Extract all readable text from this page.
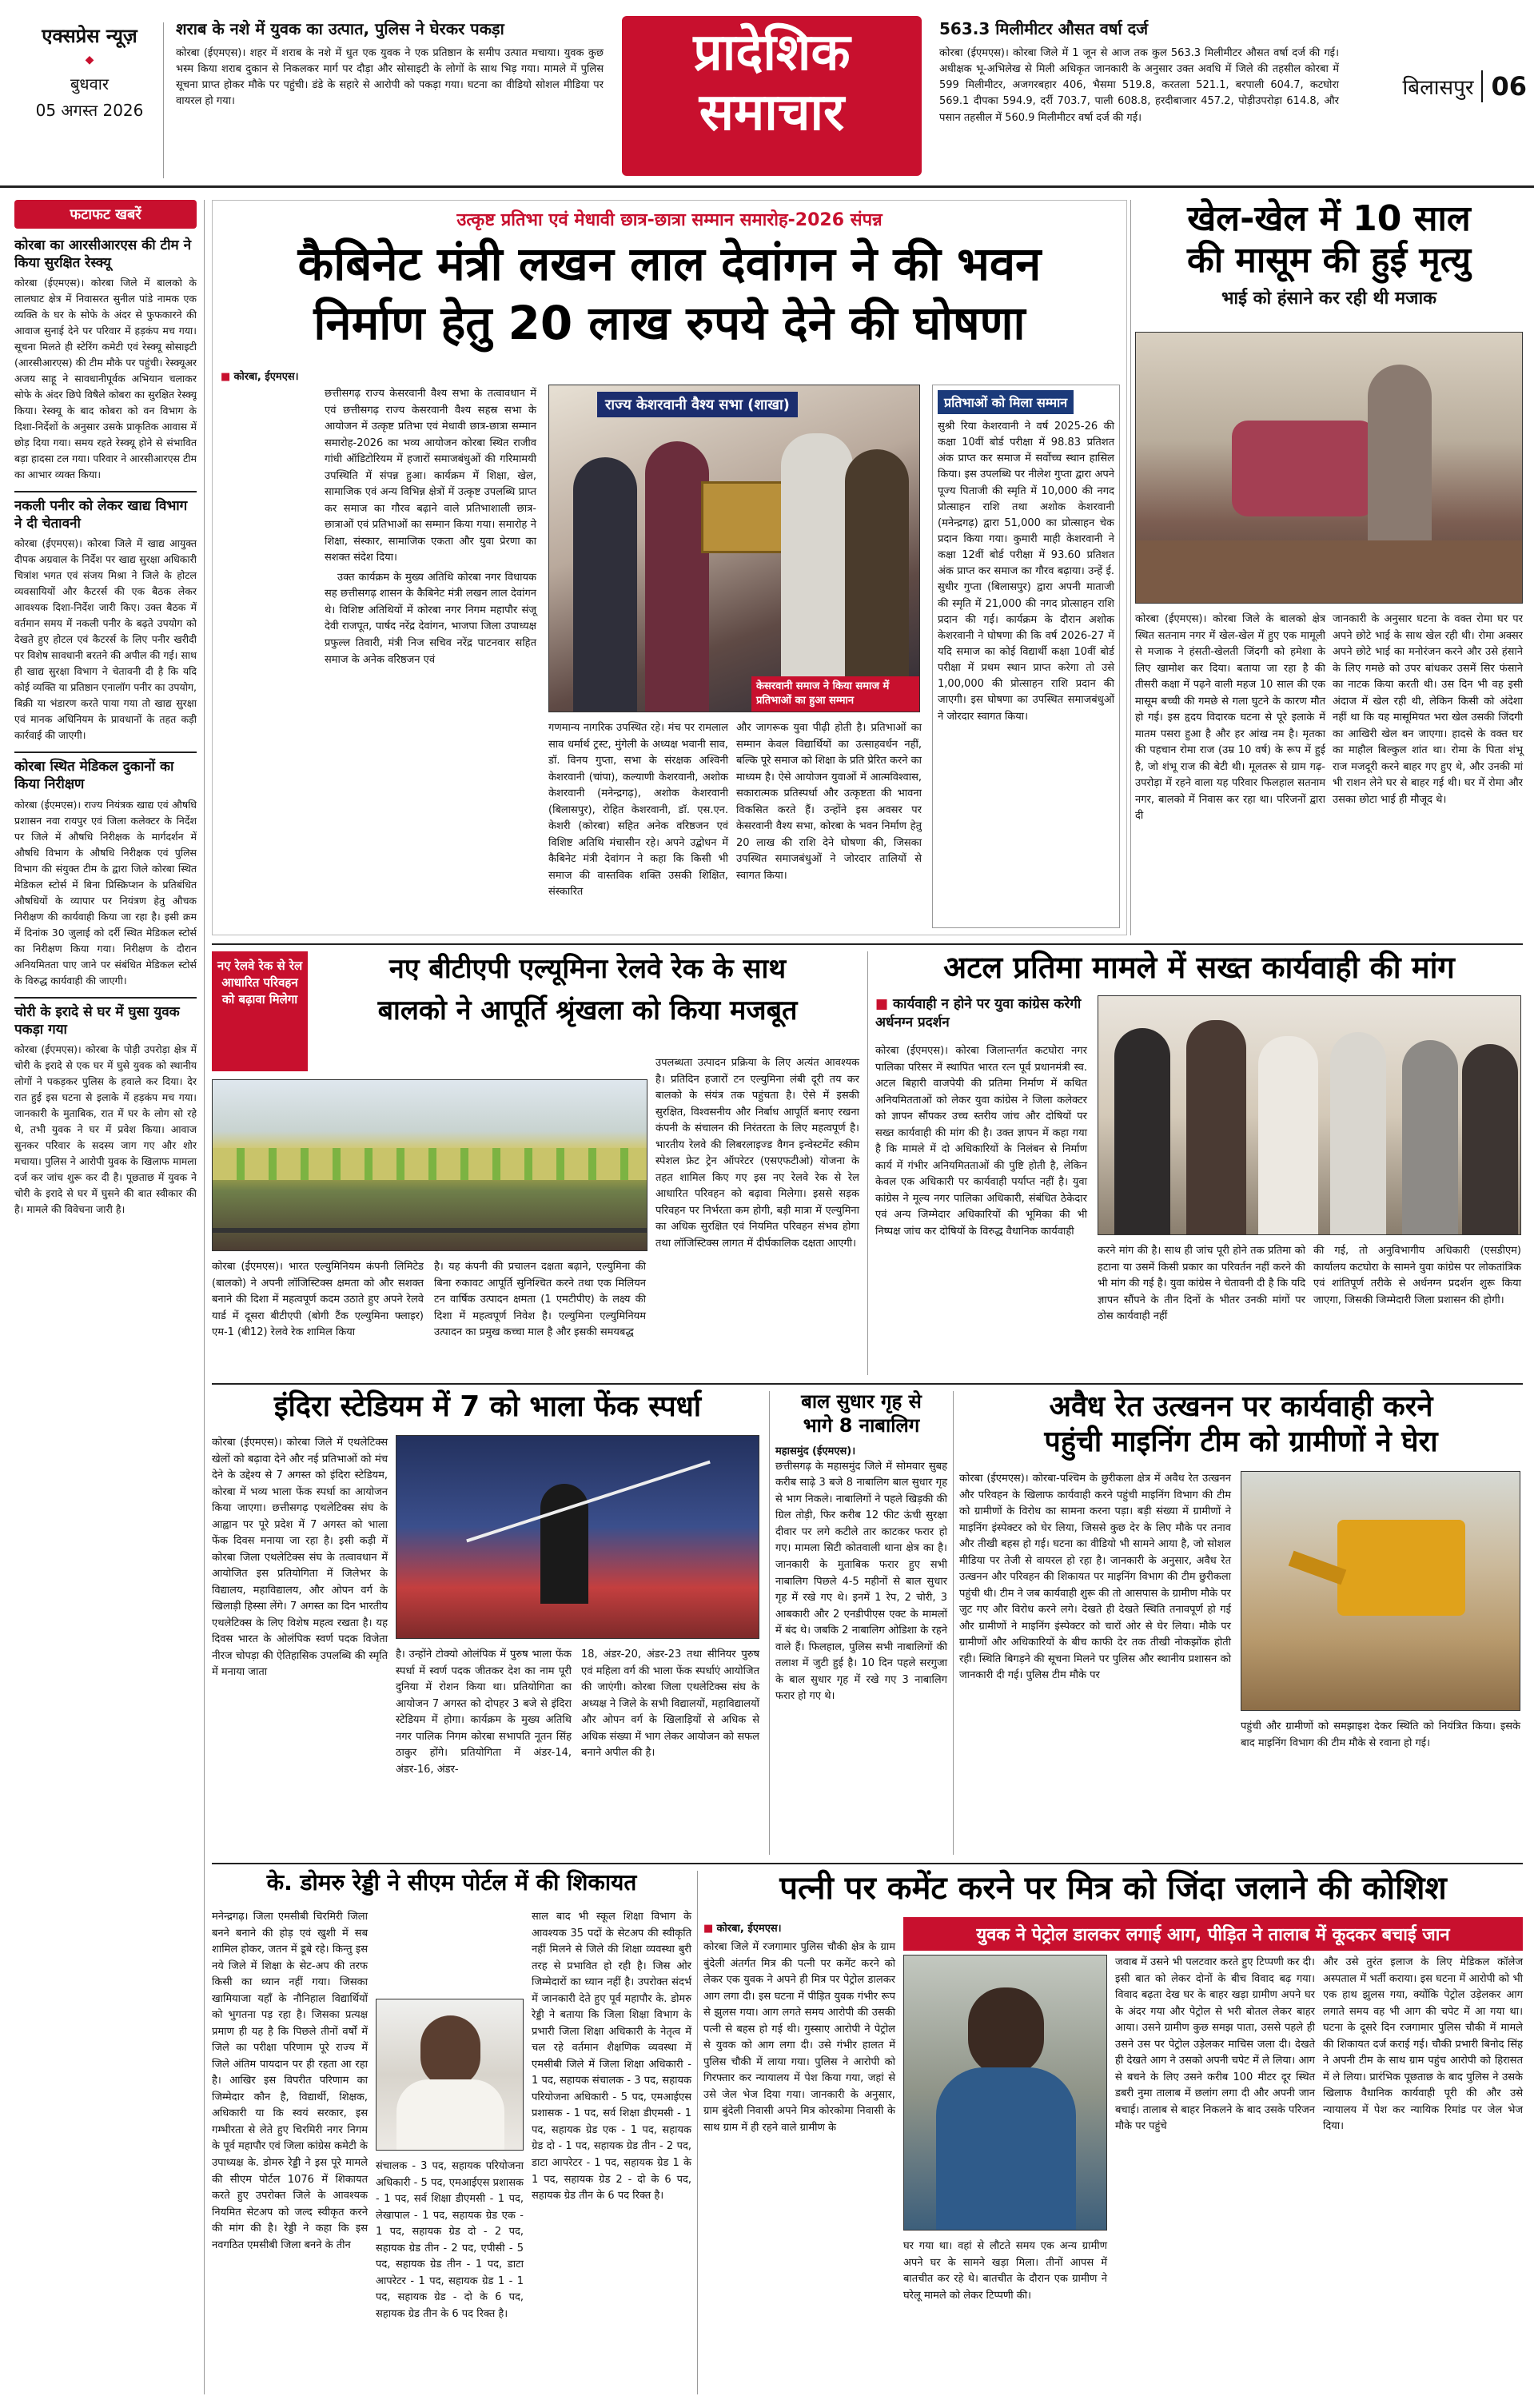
एक्सप्रेस न्यूज़
◆
बुधवार
05 अगस्त 2026
शराब के नशे में युवक का उत्पात, पुलिस ने घेरकर पकड़ा
कोरबा (ईएमएस)। शहर में शराब के नशे में धुत एक युवक ने एक प्रतिष्ठान के समीप उत्पात मचाया। युवक कुछ भस्म किया शराब दुकान से निकलकर मार्ग पर दौड़ा और सोसाइटी के लोगों के साथ भिड़ गया। मामले में पुलिस सूचना प्राप्त होकर मौके पर पहुंची। डंडे के सहारे से आरोपी को पकड़ा गया। घटना का वीडियो सोशल मीडिया पर वायरल हो गया।
प्रादेशिक
समाचार
563.3 मिलीमीटर औसत वर्षा दर्ज
कोरबा (ईएमएस)। कोरबा जिले में 1 जून से आज तक कुल 563.3 मिलीमीटर औसत वर्षा दर्ज की गई। अधीक्षक भू-अभिलेख से मिली अधिकृत जानकारी के अनुसार उक्त अवधि में जिले की तहसील कोरबा में 599 मिलीमीटर, अजगरबहार 406, भैसमा 519.8, करतला 521.1, बरपाली 604.7, कटघोरा 569.1 दीपका 594.9, दर्री 703.7, पाली 608.8, हरदीबाजार 457.2, पोड़ीउपरोड़ा 614.8, और पसान तहसील में 560.9 मिलीमीटर वर्षा दर्ज की गई।
बिलासपुर 06
फटाफट खबरें
कोरबा का आरसीआरएस की टीम ने किया सुरक्षित रेस्क्यू
कोरबा (ईएमएस)। कोरबा जिले में बालको के लालघाट क्षेत्र में निवासरत सुनील पांडे नामक एक व्यक्ति के घर के सोफे के अंदर से फुफकारने की आवाज सुनाई देने पर परिवार में हड़कंप मच गया। सूचना मिलते ही स्टेरिंग कमेटी एवं रेस्क्यू सोसाइटी (आरसीआरएस) की टीम मौके पर पहुंची। रेस्क्यूअर अजय साहू ने सावधानीपूर्वक अभियान चलाकर सोफे के अंदर छिपे विषैले कोबरा का सुरक्षित रेस्क्यू किया। रेस्क्यू के बाद कोबरा को वन विभाग के दिशा-निर्देशों के अनुसार उसके प्राकृतिक आवास में छोड़ दिया गया। समय रहते रेस्क्यू होने से संभावित बड़ा हादसा टल गया। परिवार ने आरसीआरएस टीम का आभार व्यक्त किया।
नकली पनीर को लेकर खाद्य विभाग ने दी चेतावनी
कोरबा (ईएमएस)। कोरबा जिले में खाद्य आयुक्त दीपक अग्रवाल के निर्देश पर खाद्य सुरक्षा अधिकारी चित्रांश भगत एवं संजय मिश्रा ने जिले के होटल व्यवसायियों और कैटरर्स की एक बैठक लेकर आवश्यक दिशा-निर्देश जारी किए। उक्त बैठक में वर्तमान समय में नकली पनीर के बढ़ते उपयोग को देखते हुए होटल एवं कैटरर्स के लिए पनीर खरीदी पर विशेष सावधानी बरतने की अपील की गई। साथ ही खाद्य सुरक्षा विभाग ने चेतावनी दी है कि यदि कोई व्यक्ति या प्रतिष्ठान एनालॉग पनीर का उपयोग, बिक्री या भंडारण करते पाया गया तो खाद्य सुरक्षा एवं मानक अधिनियम के प्रावधानों के तहत कड़ी कार्रवाई की जाएगी।
कोरबा स्थित मेडिकल दुकानों का किया निरीक्षण
कोरबा (ईएमएस)। राज्य नियंत्रक खाद्य एवं औषधि प्रशासन नवा रायपुर एवं जिला कलेक्टर के निर्देश पर जिले में औषधि निरीक्षक के मार्गदर्शन में औषधि विभाग के औषधि निरीक्षक एवं पुलिस विभाग की संयुक्त टीम के द्वारा जिले कोरबा स्थित मेडिकल स्टोर्स में बिना प्रिस्क्रिप्शन के प्रतिबंधित औषधियों के व्यापार पर नियंत्रण हेतु औचक निरीक्षण की कार्यवाही किया जा रहा है। इसी क्रम में दिनांक 30 जुलाई को दर्री स्थित मेडिकल स्टोर्स का निरीक्षण किया गया। निरीक्षण के दौरान अनियमितता पाए जाने पर संबंधित मेडिकल स्टोर्स के विरुद्ध कार्यवाही की जाएगी।
चोरी के इरादे से घर में घुसा युवक पकड़ा गया
कोरबा (ईएमएस)। कोरबा के पोड़ी उपरोड़ा क्षेत्र में चोरी के इरादे से एक घर में घुसे युवक को स्थानीय लोगों ने पकड़कर पुलिस के हवाले कर दिया। देर रात हुई इस घटना से इलाके में हड़कंप मच गया। जानकारी के मुताबिक, रात में घर के लोग सो रहे थे, तभी युवक ने घर में प्रवेश किया। आवाज सुनकर परिवार के सदस्य जाग गए और शोर मचाया। पुलिस ने आरोपी युवक के खिलाफ मामला दर्ज कर जांच शुरू कर दी है। पूछताछ में युवक ने चोरी के इरादे से घर में घुसने की बात स्वीकार की है। मामले की विवेचना जारी है।
उत्कृष्ट प्रतिभा एवं मेधावी छात्र-छात्रा सम्मान समारोह-2026 संपन्न
कैबिनेट मंत्री लखन लाल देवांगन ने की भवन
निर्माण हेतु 20 लाख रुपये देने की घोषणा
■ कोरबा, ईएमएस।
छत्तीसगढ़ राज्य केसरवानी वैश्य सभा के तत्वावधान में एवं छत्तीसगढ़ राज्य केसरवानी वैश्य सहस्र सभा के आयोजन में उत्कृष्ट प्रतिभा एवं मेधावी छात्र-छात्रा सम्मान समारोह-2026 का भव्य आयोजन कोरबा स्थित राजीव गांधी ऑडिटोरियम में हजारों समाजबंधुओं की गरिमामयी उपस्थिति में संपन्न हुआ। कार्यक्रम में शिक्षा, खेल, सामाजिक एवं अन्य विभिन्न क्षेत्रों में उत्कृष्ट उपलब्धि प्राप्त कर समाज का गौरव बढ़ाने वाले प्रतिभाशाली छात्र-छात्राओं एवं प्रतिभाओं का सम्मान किया गया। समारोह ने शिक्षा, संस्कार, सामाजिक एकता और युवा प्रेरणा का सशक्त संदेश दिया।
उक्त कार्यक्रम के मुख्य अतिथि कोरबा नगर विधायक सह छत्तीसगढ़ शासन के कैबिनेट मंत्री लखन लाल देवांगन थे। विशिष्ट अतिथियों में कोरबा नगर निगम महापौर संजू देवी राजपूत, पार्षद नरेंद्र देवांगन, भाजपा जिला उपाध्यक्ष प्रफुल्ल तिवारी, मंत्री निज सचिव नरेंद्र पाटनवार सहित समाज के अनेक वरिष्ठजन एवं
राज्य केशरवानी वैश्य सभा (शाखा)
केसरवानी समाज ने किया समाज में प्रतिभाओं का हुआ सम्मान
गणमान्य नागरिक उपस्थित रहे। मंच पर रामलाल साव धर्मार्थ ट्रस्ट, मुंगेली के अध्यक्ष भवानी साव, डॉ. विनय गुप्ता, सभा के संरक्षक अश्विनी केशरवानी (चांपा), कल्याणी केशरवानी, अशोक केशरवानी (मनेन्द्रगढ़), अशोक केशरवानी (बिलासपुर), रोहित केशरवानी, डॉ. एस.एन. केशरी (कोरबा) सहित अनेक वरिष्ठजन एवं विशिष्ट अतिथि मंचासीन रहे। अपने उद्बोधन में कैबिनेट मंत्री देवांगन ने कहा कि किसी भी समाज की वास्तविक शक्ति उसकी शिक्षित, संस्कारित
और जागरूक युवा पीढ़ी होती है। प्रतिभाओं का सम्मान केवल विद्यार्थियों का उत्साहवर्धन नहीं, बल्कि पूरे समाज को शिक्षा के प्रति प्रेरित करने का माध्यम है। ऐसे आयोजन युवाओं में आत्मविश्वास, सकारात्मक प्रतिस्पर्धा और उत्कृष्टता की भावना विकसित करते हैं। उन्होंने इस अवसर पर केसरवानी वैश्य सभा, कोरबा के भवन निर्माण हेतु 20 लाख की राशि देने घोषणा की, जिसका उपस्थित समाजबंधुओं ने जोरदार तालियों से स्वागत किया।
प्रतिभाओं को मिला सम्मान
सुश्री रिया केशरवानी ने वर्ष 2025-26 की कक्षा 10वीं बोर्ड परीक्षा में 98.83 प्रतिशत अंक प्राप्त कर समाज में सर्वोच्च स्थान हासिल किया। इस उपलब्धि पर नीलेश गुप्ता द्वारा अपने पूज्य पिताजी की स्मृति में 10,000 की नगद प्रोत्साहन राशि तथा अशोक केशरवानी (मनेन्द्रगढ़) द्वारा 51,000 का प्रोत्साहन चेक प्रदान किया गया। कुमारी माही केशरवानी ने कक्षा 12वीं बोर्ड परीक्षा में 93.60 प्रतिशत अंक प्राप्त कर समाज का गौरव बढ़ाया। उन्हें ई. सुधीर गुप्ता (बिलासपुर) द्वारा अपनी माताजी की स्मृति में 21,000 की नगद प्रोत्साहन राशि प्रदान की गई। कार्यक्रम के दौरान अशोक केशरवानी ने घोषणा की कि वर्ष 2026-27 में यदि समाज का कोई विद्यार्थी कक्षा 10वीं बोर्ड परीक्षा में प्रथम स्थान प्राप्त करेगा तो उसे 1,00,000 की प्रोत्साहन राशि प्रदान की जाएगी। इस घोषणा का उपस्थित समाजबंधुओं ने जोरदार स्वागत किया।
खेल-खेल में 10 साल
की मासूम की हुई मृत्यु
भाई को हंसाने कर रही थी मजाक
कोरबा (ईएमएस)। कोरबा जिले के बालको क्षेत्र स्थित सतनाम नगर में खेल-खेल में हुए एक मामूली से मजाक ने हंसती-खेलती जिंदगी को हमेशा के लिए खामोश कर दिया। बताया जा रहा है की तीसरी कक्षा में पढ़ने वाली महज 10 साल की एक मासूम बच्ची की गमछे से गला घुटने के कारण मौत हो गई। इस हृदय विदारक घटना से पूरे इलाके में मातम पसरा हुआ है और हर आंख नम है। मृतका की पहचान रोमा राज (उम्र 10 वर्ष) के रूप में हुई है, जो शंभू राज की बेटी थी। मूलतरू से ग्राम गढ़-उपरोड़ा में रहने वाला यह परिवार फिलहाल सतनाम नगर, बालको में निवास कर रहा था। परिजनों द्वारा दी
जानकारी के अनुसार घटना के वक्त रोमा घर पर अपने छोटे भाई के साथ खेल रही थी। रोमा अक्सर अपने छोटे भाई का मनोरंजन करने और उसे हंसाने के लिए गमछे को उपर बांधकर उसमें सिर फंसाने का नाटक किया करती थी। उस दिन भी वह इसी अंदाज में खेल रही थी, लेकिन किसी को अंदेशा नहीं था कि यह मासूमियत भरा खेल उसकी जिंदगी का आखिरी खेल बन जाएगा। हादसे के वक्त घर का माहौल बिल्कुल शांत था। रोमा के पिता शंभू राज मजदूरी करने बाहर गए हुए थे, और उनकी मां भी राशन लेने घर से बाहर गई थी। घर में रोमा और उसका छोटा भाई ही मौजूद थे।
नए रेलवे रेक से रेल आधारित परिवहन को बढ़ावा मिलेगा
नए बीटीएपी एल्यूमिना रेलवे रेक के साथ
बालको ने आपूर्ति श्रृंखला को किया मजबूत
कोरबा (ईएमएस)। भारत एल्युमिनियम कंपनी लिमिटेड (बालको) ने अपनी लॉजिस्टिक्स क्षमता को और सशक्त बनाने की दिशा में महत्वपूर्ण कदम उठाते हुए अपने रेलवे यार्ड में दूसरा बीटीएपी (बोगी टैंक एल्युमिना फ्लाइर) एम-1 (बी12) रेलवे रेक शामिल किया
है। यह कंपनी की प्रचालन दक्षता बढ़ाने, एल्युमिना की बिना रुकावट आपूर्ति सुनिश्चित करने तथा एक मिलियन टन वार्षिक उत्पादन क्षमता (1 एमटीपीए) के लक्ष्य की दिशा में महत्वपूर्ण निवेश है। एल्युमिना एल्युमिनियम उत्पादन का प्रमुख कच्चा माल है और इसकी समयबद्ध
उपलब्धता उत्पादन प्रक्रिया के लिए अत्यंत आवश्यक है। प्रतिदिन हजारों टन एल्युमिना लंबी दूरी तय कर बालको के संयंत्र तक पहुंचता है। ऐसे में इसकी सुरक्षित, विश्वसनीय और निर्बाध आपूर्ति बनाए रखना कंपनी के संचालन की निरंतरता के लिए महत्वपूर्ण है। भारतीय रेलवे की लिबरलाइज्ड वैगन इन्वेस्टमेंट स्कीम स्पेशल फ्रेट ट्रेन ऑपरेटर (एसएफटीओ) योजना के तहत शामिल किए गए इस नए रेलवे रेक से रेल आधारित परिवहन को बढ़ावा मिलेगा। इससे सड़क परिवहन पर निर्भरता कम होगी, बड़ी मात्रा में एल्युमिना का अधिक सुरक्षित एवं नियमित परिवहन संभव होगा तथा लॉजिस्टिक्स लागत में दीर्घकालिक दक्षता आएगी।
अटल प्रतिमा मामले में सख्त कार्यवाही की मांग
■ कार्यवाही न होने पर युवा कांग्रेस करेगी अर्धनग्न प्रदर्शन
कोरबा (ईएमएस)। कोरबा जिलान्तर्गत कटघोरा नगर पालिका परिसर में स्थापित भारत रत्न पूर्व प्रधानमंत्री स्व. अटल बिहारी वाजपेयी की प्रतिमा निर्माण में कथित अनियमितताओं को लेकर युवा कांग्रेस ने जिला कलेक्टर को ज्ञापन सौंपकर उच्च स्तरीय जांच और दोषियों पर सख्त कार्यवाही की मांग की है। उक्त ज्ञापन में कहा गया है कि मामले में दो अधिकारियों के निलंबन से निर्माण कार्य में गंभीर अनियमितताओं की पुष्टि होती है, लेकिन केवल एक अधिकारी पर कार्यवाही पर्याप्त नहीं है। युवा कांग्रेस ने मूल्य नगर पालिका अधिकारी, संबंधित ठेकेदार एवं अन्य जिम्मेदार अधिकारियों की भूमिका की भी निष्पक्ष जांच कर दोषियों के विरुद्ध वैधानिक कार्यवाही
करने मांग की है। साथ ही जांच पूरी होने तक प्रतिमा को हटाना या उसमें किसी प्रकार का परिवर्तन नहीं करने की भी मांग की गई है। युवा कांग्रेस ने चेतावनी दी है कि यदि ज्ञापन सौंपने के तीन दिनों के भीतर उनकी मांगों पर ठोस कार्यवाही नहीं
की गई, तो अनुविभागीय अधिकारी (एसडीएम) कार्यालय कटघोरा के सामने युवा कांग्रेस पर लोकतांत्रिक एवं शांतिपूर्ण तरीके से अर्धनग्न प्रदर्शन शुरू किया जाएगा, जिसकी जिम्मेदारी जिला प्रशासन की होगी।
इंदिरा स्टेडियम में 7 को भाला फेंक स्पर्धा
कोरबा (ईएमएस)। कोरबा जिले में एथलेटिक्स खेलों को बढ़ावा देने और नई प्रतिभाओं को मंच देने के उद्देश्य से 7 अगस्त को इंदिरा स्टेडियम, कोरबा में भव्य भाला फेंक स्पर्धा का आयोजन किया जाएगा। छत्तीसगढ़ एथलेटिक्स संघ के आह्वान पर पूरे प्रदेश में 7 अगस्त को भाला फेंक दिवस मनाया जा रहा है। इसी कड़ी में कोरबा जिला एथलेटिक्स संघ के तत्वावधान में आयोजित इस प्रतियोगिता में जिलेभर के विद्यालय, महाविद्यालय, और ओपन वर्ग के खिलाड़ी हिस्सा लेंगे। 7 अगस्त का दिन भारतीय एथलेटिक्स के लिए विशेष महत्व रखता है। यह दिवस भारत के ओलंपिक स्वर्ण पदक विजेता नीरज चोपड़ा की ऐतिहासिक उपलब्धि की स्मृति में मनाया जाता
है। उन्होंने टोक्यो ओलंपिक में पुरुष भाला फेंक स्पर्धा में स्वर्ण पदक जीतकर देश का नाम पूरी दुनिया में रोशन किया था। प्रतियोगिता का आयोजन 7 अगस्त को दोपहर 3 बजे से इंदिरा स्टेडियम में होगा। कार्यक्रम के मुख्य अतिथि नगर पालिक निगम कोरबा सभापति नूतन सिंह ठाकुर होंगे। प्रतियोगिता में अंडर-14, अंडर-16, अंडर-
18, अंडर-20, अंडर-23 तथा सीनियर पुरुष एवं महिला वर्ग की भाला फेंक स्पर्धाएं आयोजित की जाएंगी। कोरबा जिला एथलेटिक्स संघ के अध्यक्ष ने जिले के सभी विद्यालयों, महाविद्यालयों और ओपन वर्ग के खिलाड़ियों से अधिक से अधिक संख्या में भाग लेकर आयोजन को सफल बनाने अपील की है।
बाल सुधार गृह से
भागे 8 नाबालिग
महासमुंद (ईएमएस)।
छत्तीसगढ़ के महासमुंद जिले में सोमवार सुबह करीब साढ़े 3 बजे 8 नाबालिग बाल सुधार गृह से भाग निकले। नाबालिगों ने पहले खिड़की की ग्रिल तोड़ी, फिर करीब 12 फीट ऊंची सुरक्षा दीवार पर लगे कटीले तार काटकर फरार हो गए। मामला सिटी कोतवाली थाना क्षेत्र का है। जानकारी के मुताबिक फरार हुए सभी नाबालिग पिछले 4-5 महीनों से बाल सुधार गृह में रखे गए थे। इनमें 1 रेप, 2 चोरी, 3 आबकारी और 2 एनडीपीएस एक्ट के मामलों में बंद थे। जबकि 2 नाबालिग ओडिशा के रहने वाले हैं। फिलहाल, पुलिस सभी नाबालिगों की तलाश में जुटी हुई है। 10 दिन पहले सरगुजा के बाल सुधार गृह में रखे गए 3 नाबालिग फरार हो गए थे।
अवैध रेत उत्खनन पर कार्यवाही करने
पहुंची माइनिंग टीम को ग्रामीणों ने घेरा
कोरबा (ईएमएस)। कोरबा-पश्चिम के छुरीकला क्षेत्र में अवैध रेत उत्खनन और परिवहन के खिलाफ कार्यवाही करने पहुंची माइनिंग विभाग की टीम को ग्रामीणों के विरोध का सामना करना पड़ा। बड़ी संख्या में ग्रामीणों ने माइनिंग इंस्पेक्टर को घेर लिया, जिससे कुछ देर के लिए मौके पर तनाव और तीखी बहस हो गई। घटना का वीडियो भी सामने आया है, जो सोशल मीडिया पर तेजी से वायरल हो रहा है। जानकारी के अनुसार, अवैध रेत उत्खनन और परिवहन की शिकायत पर माइनिंग विभाग की टीम छुरीकला पहुंची थी। टीम ने जब कार्यवाही शुरू की तो आसपास के ग्रामीण मौके पर जुट गए और विरोध करने लगे। देखते ही देखते स्थिति तनावपूर्ण हो गई और ग्रामीणों ने माइनिंग इंस्पेक्टर को चारों ओर से घेर लिया। मौके पर ग्रामीणों और अधिकारियों के बीच काफी देर तक तीखी नोकझोंक होती रही। स्थिति बिगड़ने की सूचना मिलने पर पुलिस और स्थानीय प्रशासन को जानकारी दी गई। पुलिस टीम मौके पर
पहुंची और ग्रामीणों को समझाइश देकर स्थिति को नियंत्रित किया। इसके बाद माइनिंग विभाग की टीम मौके से रवाना हो गई।
के. डोमरु रेड्डी ने सीएम पोर्टल में की शिकायत
मनेन्द्रगढ़। जिला एमसीबी चिरमिरी जिला बनने बनाने की होड़ एवं खुशी में सब शामिल होकर, जतन में डूबे रहे। किन्तु इस नये जिले में शिक्षा के सेट-अप की तरफ किसी का ध्यान नहीं गया। जिसका खामियाजा यहाँ के नौनिहाल विद्यार्थियों को भुगतना पड़ रहा है। जिसका प्रत्यक्ष प्रमाण ही यह है कि पिछले तीनों वर्षों में जिले का परीक्षा परिणाम पूरे राज्य में जिले अंतिम पायदान पर ही रहता आ रहा है। आखिर इस विपरीत परिणाम का जिम्मेदार कौन है, विद्यार्थी, शिक्षक, अधिकारी या कि स्वयं सरकार, इस गम्भीरता से लेते हुए चिरमिरी नगर निगम के पूर्व महापौर एवं जिला कांग्रेस कमेटी के उपाध्यक्ष के. डोमरु रेड्डी ने इस पूरे मामले की सीएम पोर्टल 1076 में शिकायत करते हुए उपरोक्त जिले के आवश्यक नियमित सेटअप को जल्द स्वीकृत करने की मांग की है। रेड्डी ने कहा कि इस नवगठित एमसीबी जिला बनने के तीन
साल बाद भी स्कूल शिक्षा विभाग के आवश्यक 35 पदों के सेटअप की स्वीकृति नहीं मिलने से जिले की शिक्षा व्यवस्था बुरी तरह से प्रभावित हो रही है। जिस ओर जिम्मेदारों का ध्यान नहीं है। उपरोक्त संदर्भ में जानकारी देते हुए पूर्व महापौर के. डोमरु रेड्डी ने बताया कि जिला शिक्षा विभाग के प्रभारी जिला शिक्षा अधिकारी के नेतृत्व में चल रहे वर्तमान शैक्षणिक व्यवस्था में एमसीबी जिले में जिला शिक्षा अधिकारी - 1 पद, सहायक संचालक - 3 पद, सहायक परियोजना अधिकारी - 5 पद, एमआईएस प्रशासक - 1 पद, सर्व शिक्षा डीएमसी - 1 पद, सहायक ग्रेड एक - 1 पद, सहायक ग्रेड दो - 1 पद, सहायक ग्रेड तीन - 2 पद, डाटा आपरेटर - 1 पद, सहायक ग्रेड 1 के 1 पद, सहायक ग्रेड 2 - दो के 6 पद, सहायक ग्रेड तीन के 6 पद रिक्त है।
संचालक - 3 पद, सहायक परियोजना अधिकारी - 5 पद, एमआईएस प्रशासक - 1 पद, सर्व शिक्षा डीएमसी - 1 पद, लेखापाल - 1 पद, सहायक ग्रेड एक - 1 पद, सहायक ग्रेड दो - 2 पद, सहायक ग्रेड तीन - 2 पद, एपीसी - 5 पद, सहायक ग्रेड तीन - 1 पद, डाटा आपरेटर - 1 पद, सहायक ग्रेड 1 - 1 पद, सहायक ग्रेड - दो के 6 पद, सहायक ग्रेड तीन के 6 पद रिक्त है।
पत्नी पर कमेंट करने पर मित्र को जिंदा जलाने की कोशिश
युवक ने पेट्रोल डालकर लगाई आग, पीड़ित ने तालाब में कूदकर बचाई जान
■ कोरबा, ईएमएस।
कोरबा जिले में रजगामार पुलिस चौकी क्षेत्र के ग्राम बुंदेली अंतर्गत मित्र की पत्नी पर कमेंट करने को लेकर एक युवक ने अपने ही मित्र पर पेट्रोल डालकर आग लगा दी। इस घटना में पीड़ित युवक गंभीर रूप से झुलस गया। आग लगते समय आरोपी की उसकी पत्नी से बहस हो गई थी। गुस्साए आरोपी ने पेट्रोल से युवक को आग लगा दी। उसे गंभीर हालत में पुलिस चौकी में लाया गया। पुलिस ने आरोपी को गिरफ्तार कर न्यायालय में पेश किया गया, जहां से उसे जेल भेज दिया गया। जानकारी के अनुसार, ग्राम बुंदेली निवासी अपने मित्र कोरकोमा निवासी के साथ ग्राम में ही रहने वाले ग्रामीण के
घर गया था। वहां से लौटते समय एक अन्य ग्रामीण अपने घर के सामने खड़ा मिला। तीनों आपस में बातचीत कर रहे थे। बातचीत के दौरान एक ग्रामीण ने घरेलू मामले को लेकर टिप्पणी की।
जवाब में उसने भी पलटवार करते हुए टिप्पणी कर दी। इसी बात को लेकर दोनों के बीच विवाद बढ़ गया। विवाद बढ़ता देख घर के बाहर खड़ा ग्रामीण अपने घर के अंदर गया और पेट्रोल से भरी बोतल लेकर बाहर आया। उसने ग्रामीण कुछ समझ पाता, उससे पहले ही उसने उस पर पेट्रोल उड़ेलकर माचिस जला दी। देखते ही देखते आग ने उसको अपनी चपेट में ले लिया। आग से बचने के लिए उसने करीब 100 मीटर दूर स्थित डबरी नुमा तालाब में छलांग लगा दी और अपनी जान बचाई। तालाब से बाहर निकलने के बाद उसके परिजन मौके पर पहुंचे
और उसे तुरंत इलाज के लिए मेडिकल कॉलेज अस्पताल में भर्ती कराया। इस घटना में आरोपी को भी एक हाथ झुलस गया, क्योंकि पेट्रोल उड़ेलकर आग लगाते समय वह भी आग की चपेट में आ गया था। घटना के दूसरे दिन रजगामार पुलिस चौकी में मामले की शिकायत दर्ज कराई गई। चौकी प्रभारी बिनोद सिंह ने अपनी टीम के साथ ग्राम पहुंच आरोपी को हिरासत में ले लिया। प्रारंभिक पूछताछ के बाद पुलिस ने उसके खिलाफ वैधानिक कार्यवाही पूरी की और उसे न्यायालय में पेश कर न्यायिक रिमांड पर जेल भेज दिया।
